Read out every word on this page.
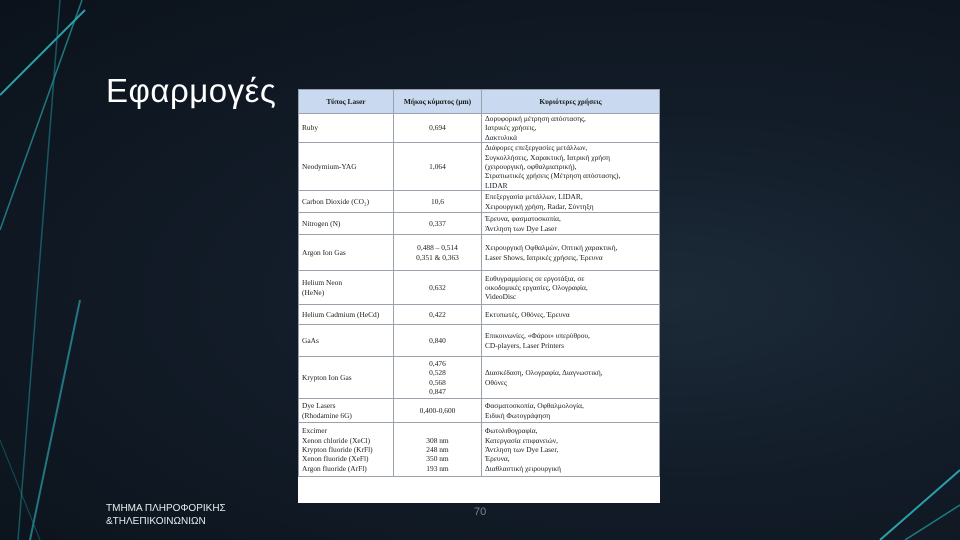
Εφαρμογές	Τύπος Laser	Μήκος κύματος (μm)	Κυριότερες χρήσεις

Ruby	0,694	Δορυφορική μέτρηση απόστασης,
Ιατρικές χρήσεις,
Δακτυλικά

Neodymium-YAG	1,064	Διάφορες επεξεργασίες μετάλλων,
Συγκολλήσεις, Χαρακτική, Ιατρική χρήση
(χειρουργική, οφθαλμιατρική),
Στρατιωτικές χρήσεις (Μέτρηση απόστασης),
LIDAR

Carbon Dioxide (CO₂)	10,6	Επεξεργασία μετάλλων, LIDAR,
Χειρουργική χρήση, Radar, Σύντηξη

Nitrogen (N)	0,337	Έρευνα, φασματοσκοπία,
Άντληση των Dye Laser

Argon Ion Gas	0,488 – 0,514
0,351 & 0,363	Χειρουργική Οφθαλμών, Οπτική χαρακτική,
Laser Shows, Ιατρικές χρήσεις, Έρευνα

Helium Neon
(HeNe)	0,632	Ευθυγραμμίσεις σε εργοτάξια, σε
οικοδομικές εργασίες, Ολογραφία,
VideoDisc

Helium Cadmium (HeCd)	0,422	Εκτυπωτές, Οθόνες, Έρευνα

GaAs	0,840	Επικοινωνίες, «Φάροι» υπερύθρου,
CD-players, Laser Printers

Krypton Ion Gas	0,476
0,528
0,568
0,847	Διασκέδαση, Ολογραφία, Διαγνωστική,
Οθόνες

Dye Lasers
(Rhodamine 6G)	0,400-0,600	Φασματοσκοπία, Οφθαλμολογία,
Ειδική Φωτογράφηση

Excimer
Xenon chloride (XeCl)
Krypton fluoride (KrFl)
Xenon fluoride (XeFl)
Argon fluoride (ArFl)	308 nm
248 nm
350 nm
193 nm	Φωτολιθογραφία,
Κατεργασία επιφανειών,
Άντληση των Dye Laser,
Έρευνα,
Διαθλαστική χειρουργική
ΤΜΗΜΑ ΠΛΗΡΟΦΟΡΙΚΗΣ
&ΤΗΛΕΠΙΚΟΙΝΩΝΙΩΝ
70
